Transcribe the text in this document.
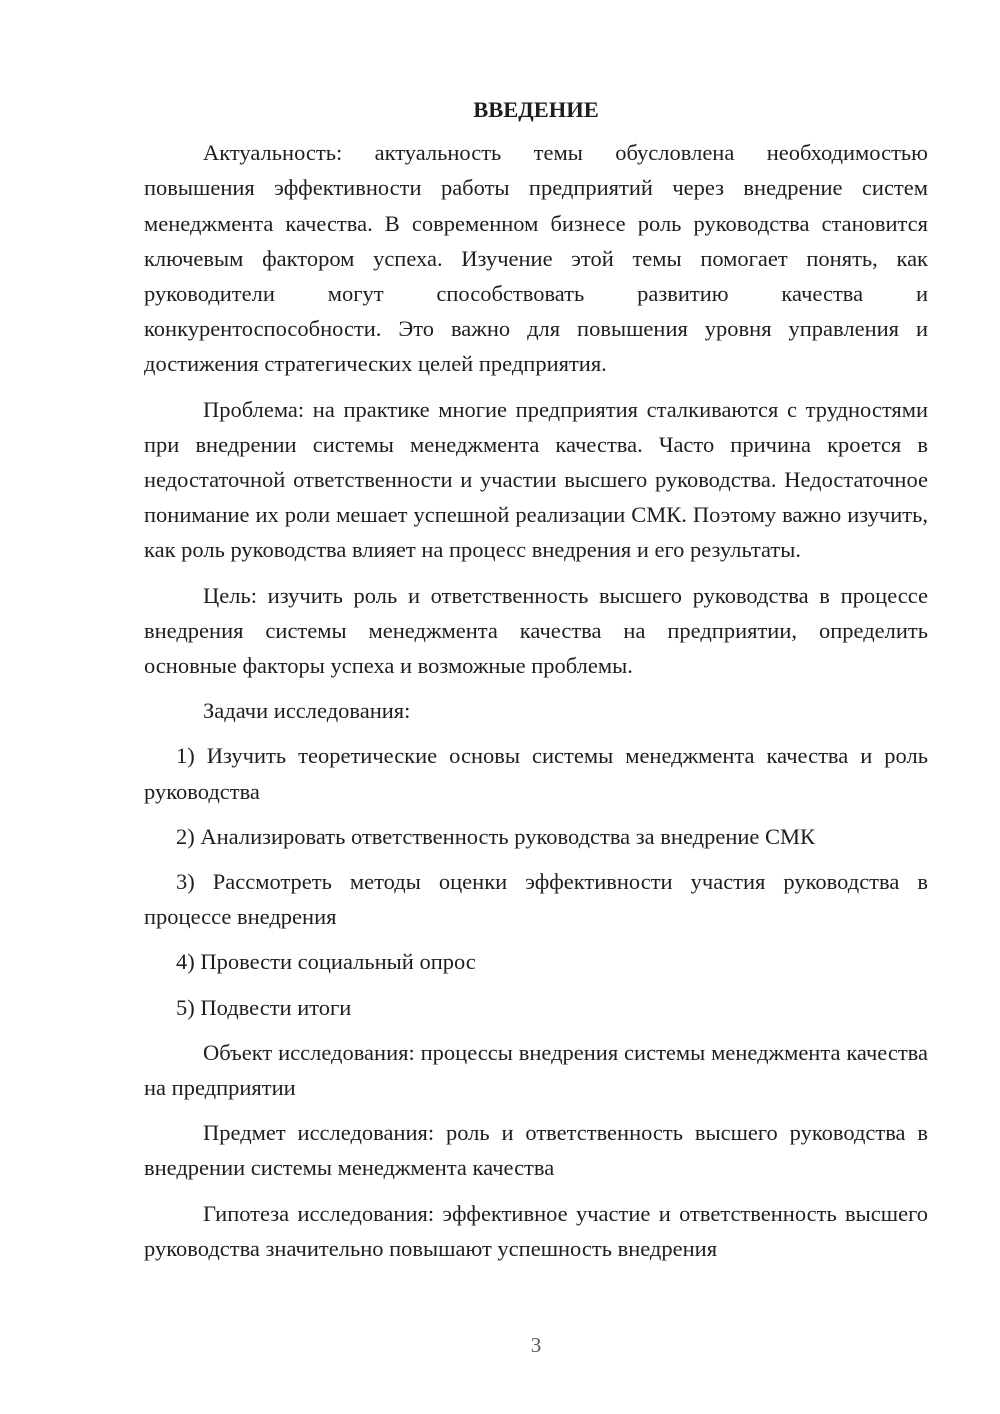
ВВЕДЕНИЕ

Актуальность: актуальность темы обусловлена необходимостью повышения эффективности работы предприятий через внедрение систем менеджмента качества. В современном бизнесе роль руководства становится ключевым фактором успеха. Изучение этой темы помогает понять, как руководители могут способствовать развитию качества и конкурентоспособности. Это важно для повышения уровня управления и достижения стратегических целей предприятия.

Проблема: на практике многие предприятия сталкиваются с трудностями при внедрении системы менеджмента качества. Часто причина кроется в недостаточной ответственности и участии высшего руководства. Недостаточное понимание их роли мешает успешной реализации СМК. Поэтому важно изучить, как роль руководства влияет на процесс внедрения и его результаты.

Цель: изучить роль и ответственность высшего руководства в процессе внедрения системы менеджмента качества на предприятии, определить основные факторы успеха и возможные проблемы.

Задачи исследования:

1) Изучить теоретические основы системы менеджмента качества и роль руководства

2) Анализировать ответственность руководства за внедрение СМК

3) Рассмотреть методы оценки эффективности участия руководства в процессе внедрения

4) Провести социальный опрос

5) Подвести итоги

Объект исследования: процессы внедрения системы менеджмента качества на предприятии

Предмет исследования: роль и ответственность высшего руководства в внедрении системы менеджмента качества

Гипотеза исследования: эффективное участие и ответственность высшего руководства значительно повышают успешность внедрения

3
